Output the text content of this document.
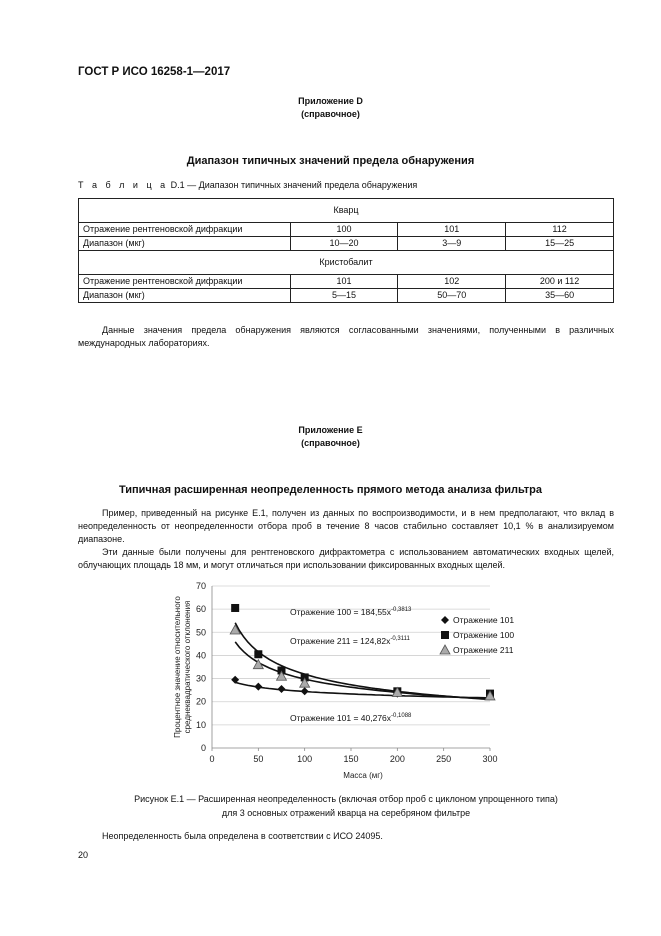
ГОСТ Р ИСО 16258-1—2017
Приложение D
(справочное)
Диапазон типичных значений предела обнаружения
Т а б л и ц а D.1 — Диапазон типичных значений предела обнаружения
Кварц			
Отражение рентгеновской дифракции	100	101	112
Диапазон (мкг)	10—20	3—9	15—25
Кристобалит			
Отражение рентгеновской дифракции	101	102	200 и 112
Диапазон (мкг)	5—15	50—70	35—60

Данные значения предела обнаружения являются согласованными значениями, полученными в различных международных лабораториях.

Приложение E
(справочное)
Типичная расширенная неопределенность прямого метода анализа фильтра

Пример, приведенный на рисунке E.1, получен из данных по воспроизводимости, и в нем предполагают, что вклад в неопределенность от неопределенности отбора проб в течение 8 часов стабильно составляет 10,1 % в анализируемом диапазоне.

Эти данные были получены для рентгеновского дифрактометра с использованием автоматических входных щелей, облучающих площадь 18 мм, и могут отличаться при использовании фиксированных входных щелей.

0
10
20
30
40
50
60
70
0	50	100	150	200	250	300
Масса (мг)
Процентное значение относительного среднеквадратического отклонения	Отражение $100 = 184,55x^{-0,3813}$
Отражение $211 = 124,82x^{-0,3111}$
Отражение $101 = 40,276x^{-0,1088}$
Отражение 101
Отражение 100
Отражение 211
Рисунок E.1 — Расширенная неопределенность (включая отбор проб с циклоном упрощенного типа)
для 3 основных отражений кварца на серебряном фильтре

Неопределенность была определена в соответствии с ИСО 24095.

20
